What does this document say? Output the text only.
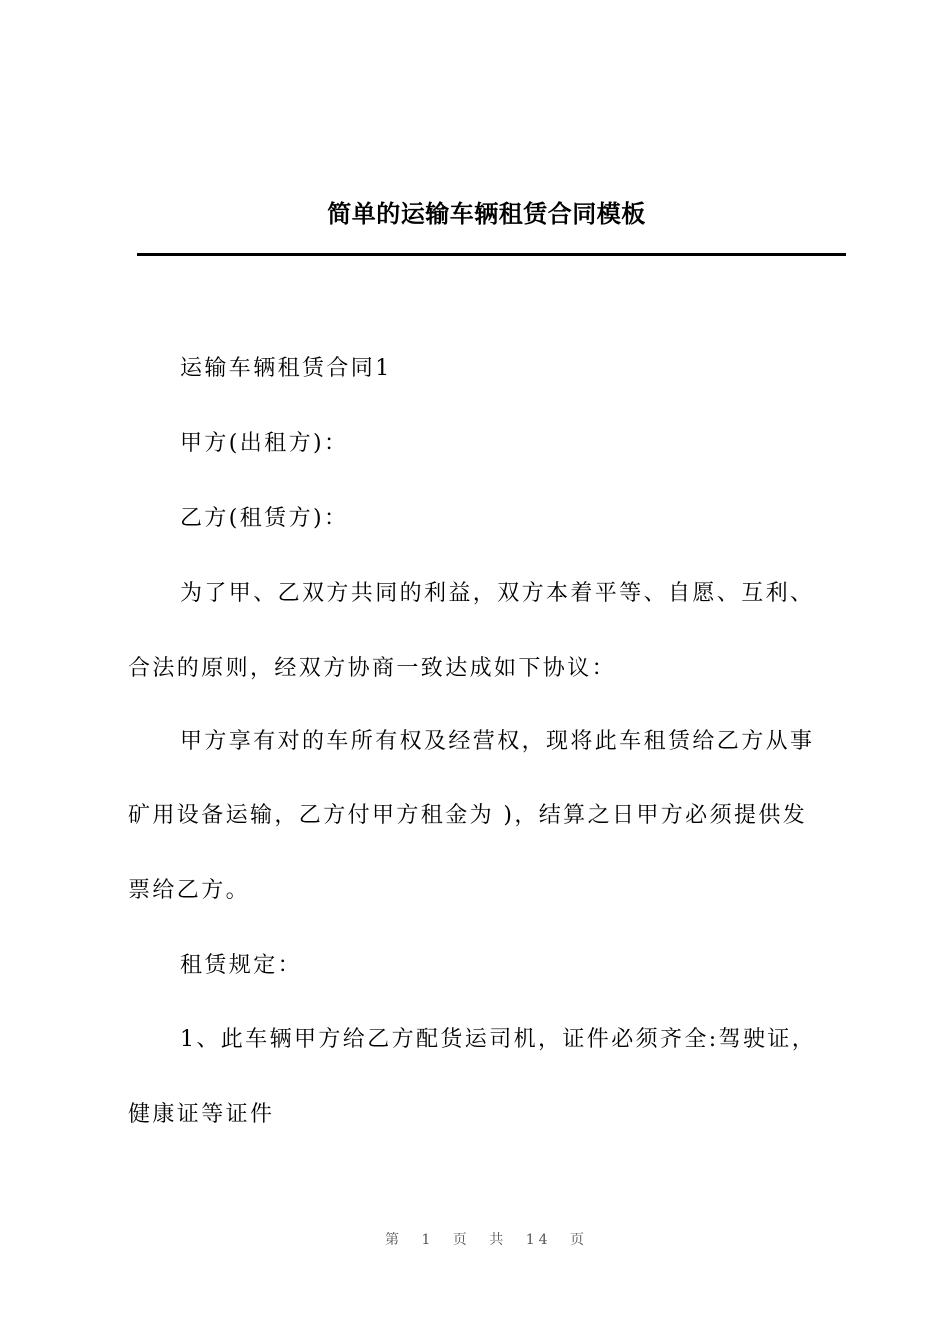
简单的运输车辆租赁合同模板
运输车辆租赁合同1
甲方(出租方)：
乙方(租赁方)：
为了甲、乙双方共同的利益，双方本着平等、自愿、互利、
合法的原则，经双方协商一致达成如下协议：
甲方享有对的车所有权及经营权，现将此车租赁给乙方从事
矿用设备运输，乙方付甲方租金为 )，结算之日甲方必须提供发
票给乙方。
租赁规定：
1、此车辆甲方给乙方配货运司机，证件必须齐全:驾驶证，
健康证等证件
第 1 页 共 14 页
